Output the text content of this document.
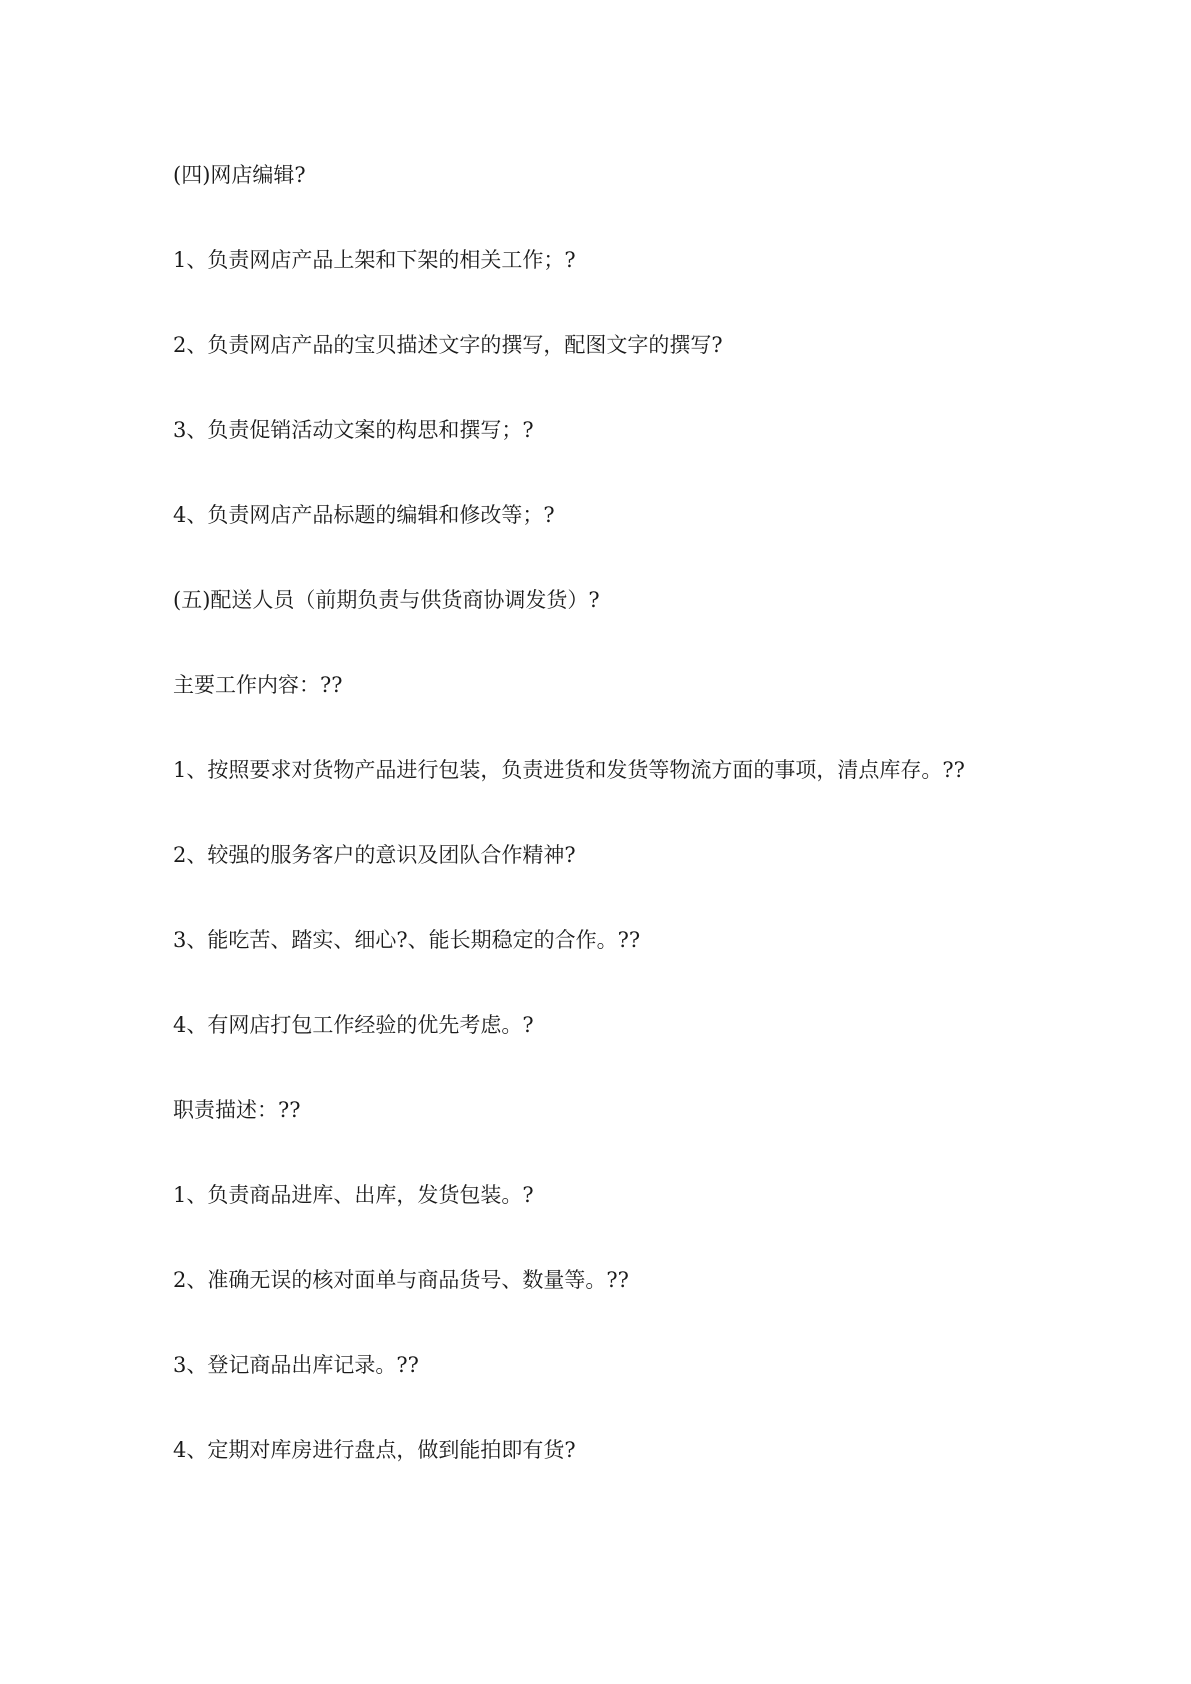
(四)网店编辑?

1、负责网店产品上架和下架的相关工作；?

2、负责网店产品的宝贝描述文字的撰写，配图文字的撰写?

3、负责促销活动文案的构思和撰写；?

4、负责网店产品标题的编辑和修改等；?

(五)配送人员（前期负责与供货商协调发货）?

主要工作内容：??

1、按照要求对货物产品进行包装，负责进货和发货等物流方面的事项，清点库存。??

2、较强的服务客户的意识及团队合作精神?

3、能吃苦、踏实、细心?、能长期稳定的合作。??

4、有网店打包工作经验的优先考虑。?

职责描述：??

1、负责商品进库、出库，发货包装。?

2、准确无误的核对面单与商品货号、数量等。??

3、登记商品出库记录。??

4、定期对库房进行盘点，做到能拍即有货?
